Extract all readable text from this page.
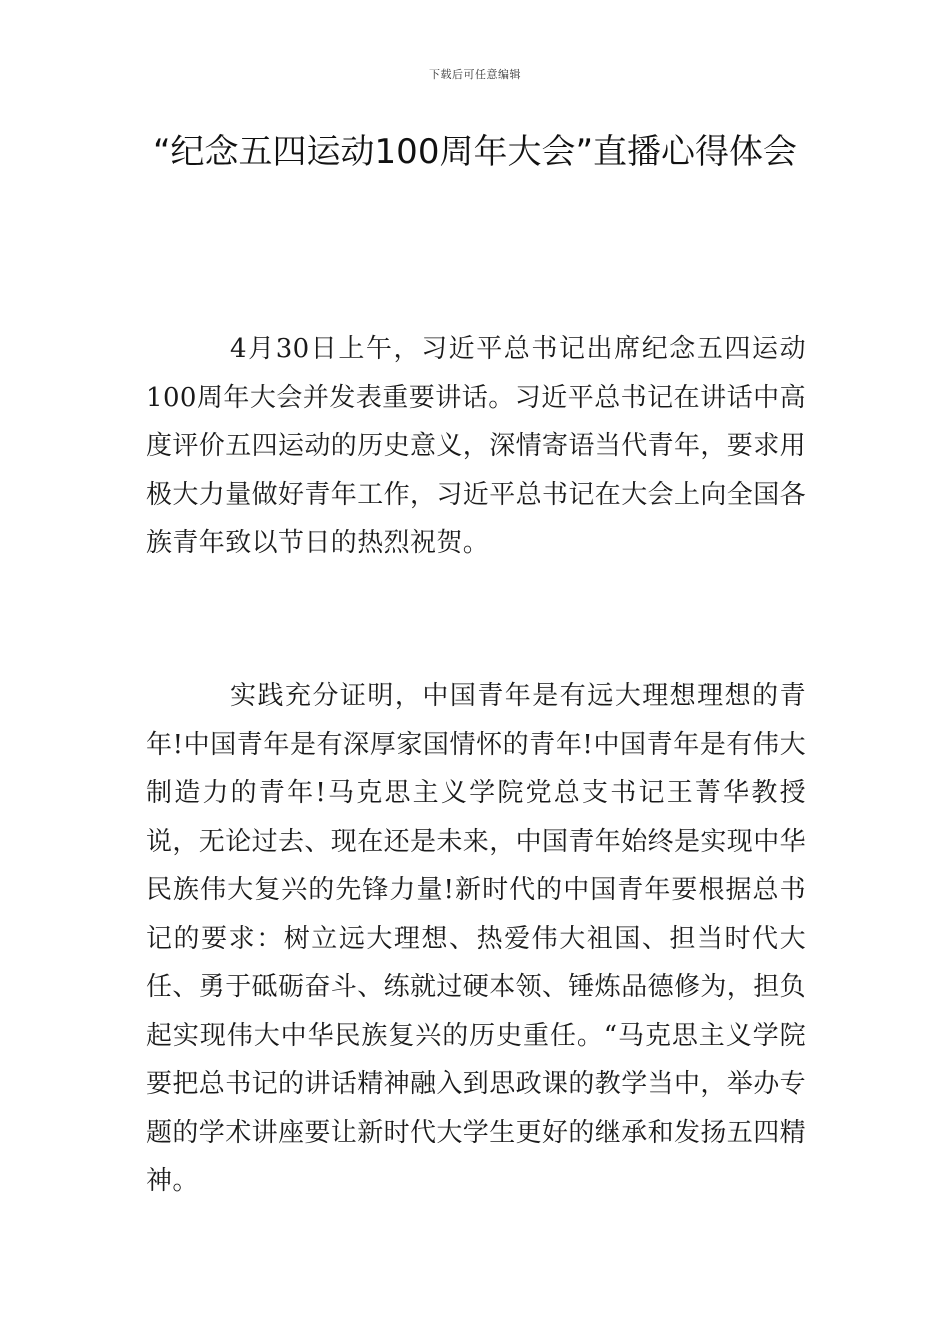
下载后可任意编辑
“纪念五四运动100周年大会”直播心得体会

4月30日上午，习近平总书记出席纪念五四运动100周年大会并发表重要讲话。习近平总书记在讲话中高度评价五四运动的历史意义，深情寄语当代青年，要求用极大力量做好青年工作，习近平总书记在大会上向全国各族青年致以节日的热烈祝贺。

实践充分证明，中国青年是有远大理想理想的青年!中国青年是有深厚家国情怀的青年!中国青年是有伟大制造力的青年!马克思主义学院党总支书记王菁华教授说，无论过去、现在还是未来，中国青年始终是实现中华民族伟大复兴的先锋力量!新时代的中国青年要根据总书记的要求：树立远大理想、热爱伟大祖国、担当时代大任、勇于砥砺奋斗、练就过硬本领、锤炼品德修为，担负起实现伟大中华民族复兴的历史重任。“马克思主义学院要把总书记的讲话精神融入到思政课的教学当中，举办专题的学术讲座要让新时代大学生更好的继承和发扬五四精神。
